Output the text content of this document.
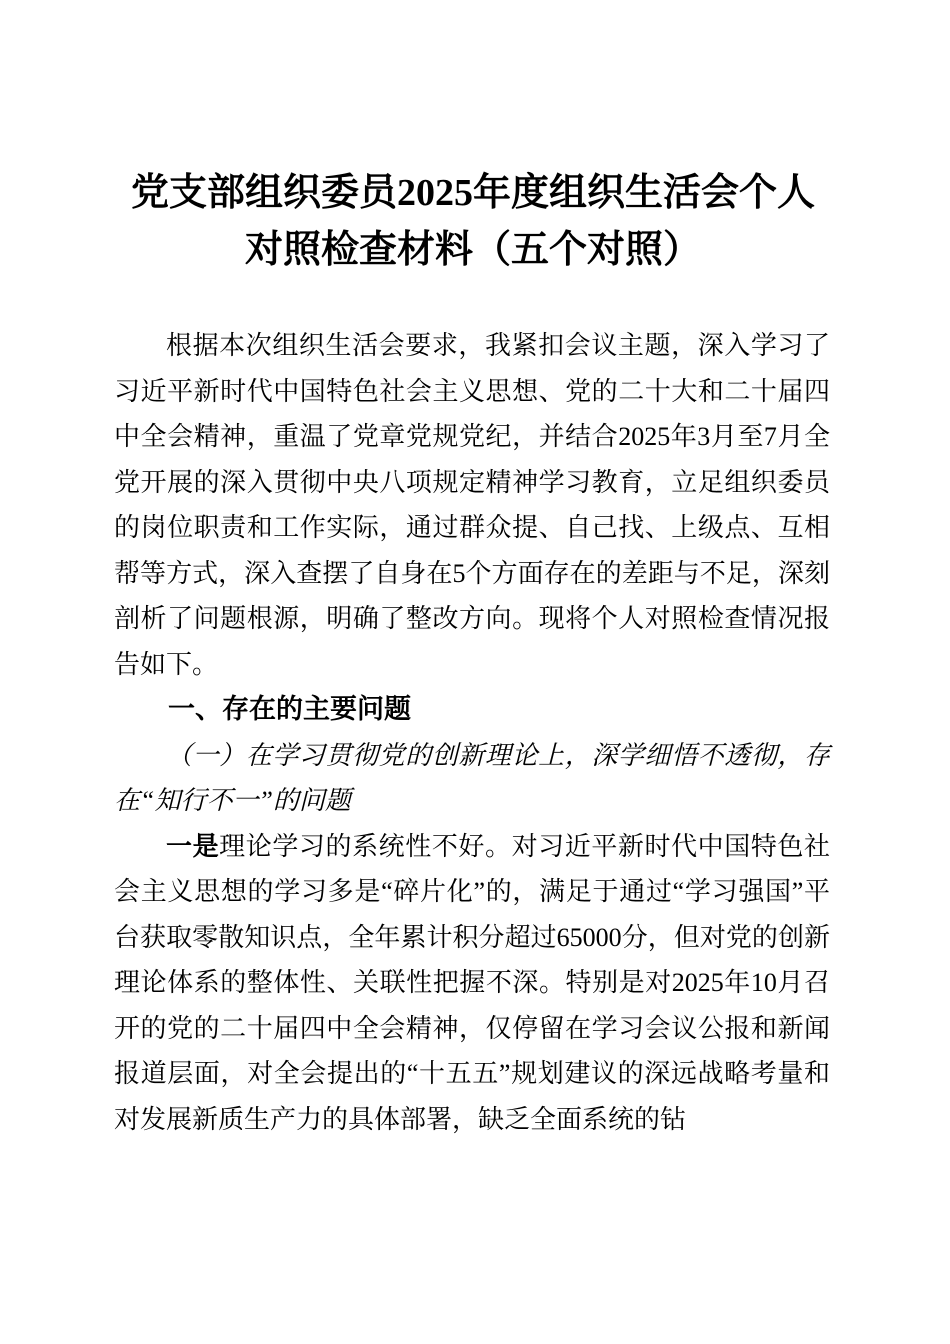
党支部组织委员2025年度组织生活会个人对照检查材料（五个对照）

根据本次组织生活会要求，我紧扣会议主题，深入学习了习近平新时代中国特色社会主义思想、党的二十大和二十届四中全会精神，重温了党章党规党纪，并结合2025年3月至7月全党开展的深入贯彻中央八项规定精神学习教育，立足组织委员的岗位职责和工作实际，通过群众提、自己找、上级点、互相帮等方式，深入查摆了自身在5个方面存在的差距与不足，深刻剖析了问题根源，明确了整改方向。现将个人对照检查情况报告如下。

一、存在的主要问题

（一）在学习贯彻党的创新理论上，深学细悟不透彻，存在“知行不一”的问题

一是理论学习的系统性不好。对习近平新时代中国特色社会主义思想的学习多是“碎片化”的，满足于通过“学习强国”平台获取零散知识点，全年累计积分超过65000分，但对党的创新理论体系的整体性、关联性把握不深。特别是对2025年10月召开的党的二十届四中全会精神，仅停留在学习会议公报和新闻报道层面，对全会提出的“十五五”规划建议的深远战略考量和对发展新质生产力的具体部署，缺乏全面系统的钻
